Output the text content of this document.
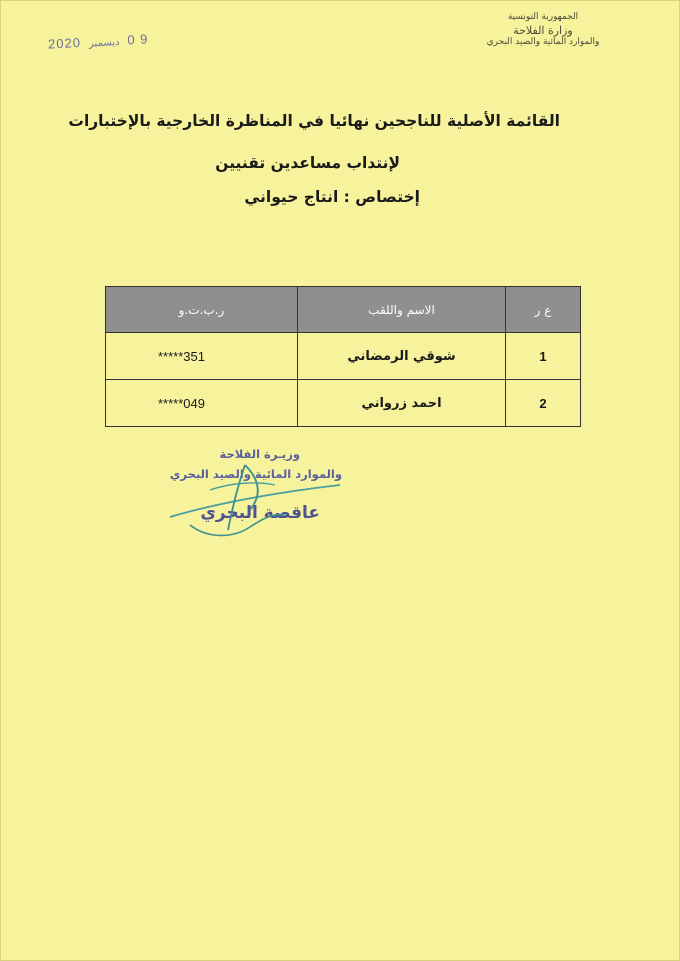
2020 ديسمبر 0 9
الجمهورية التونسية
وزارة الفلاحة
والموارد المائية والصيد البحري

القائمة الأصلية للناجحين نهائيا في المناظرة الخارجية بالإختبارات

لإنتداب مساعدين تقنيين

إختصاص : انتاج حيواني

ع ر	الاسم واللقب	ر.ب.ت.و
1	شوقي الرمضاني	*****351
2	احمد زرواني	*****049
وزيـرة الفلاحة
والموارد المائية والصيد البحري
عاقصة البحري
